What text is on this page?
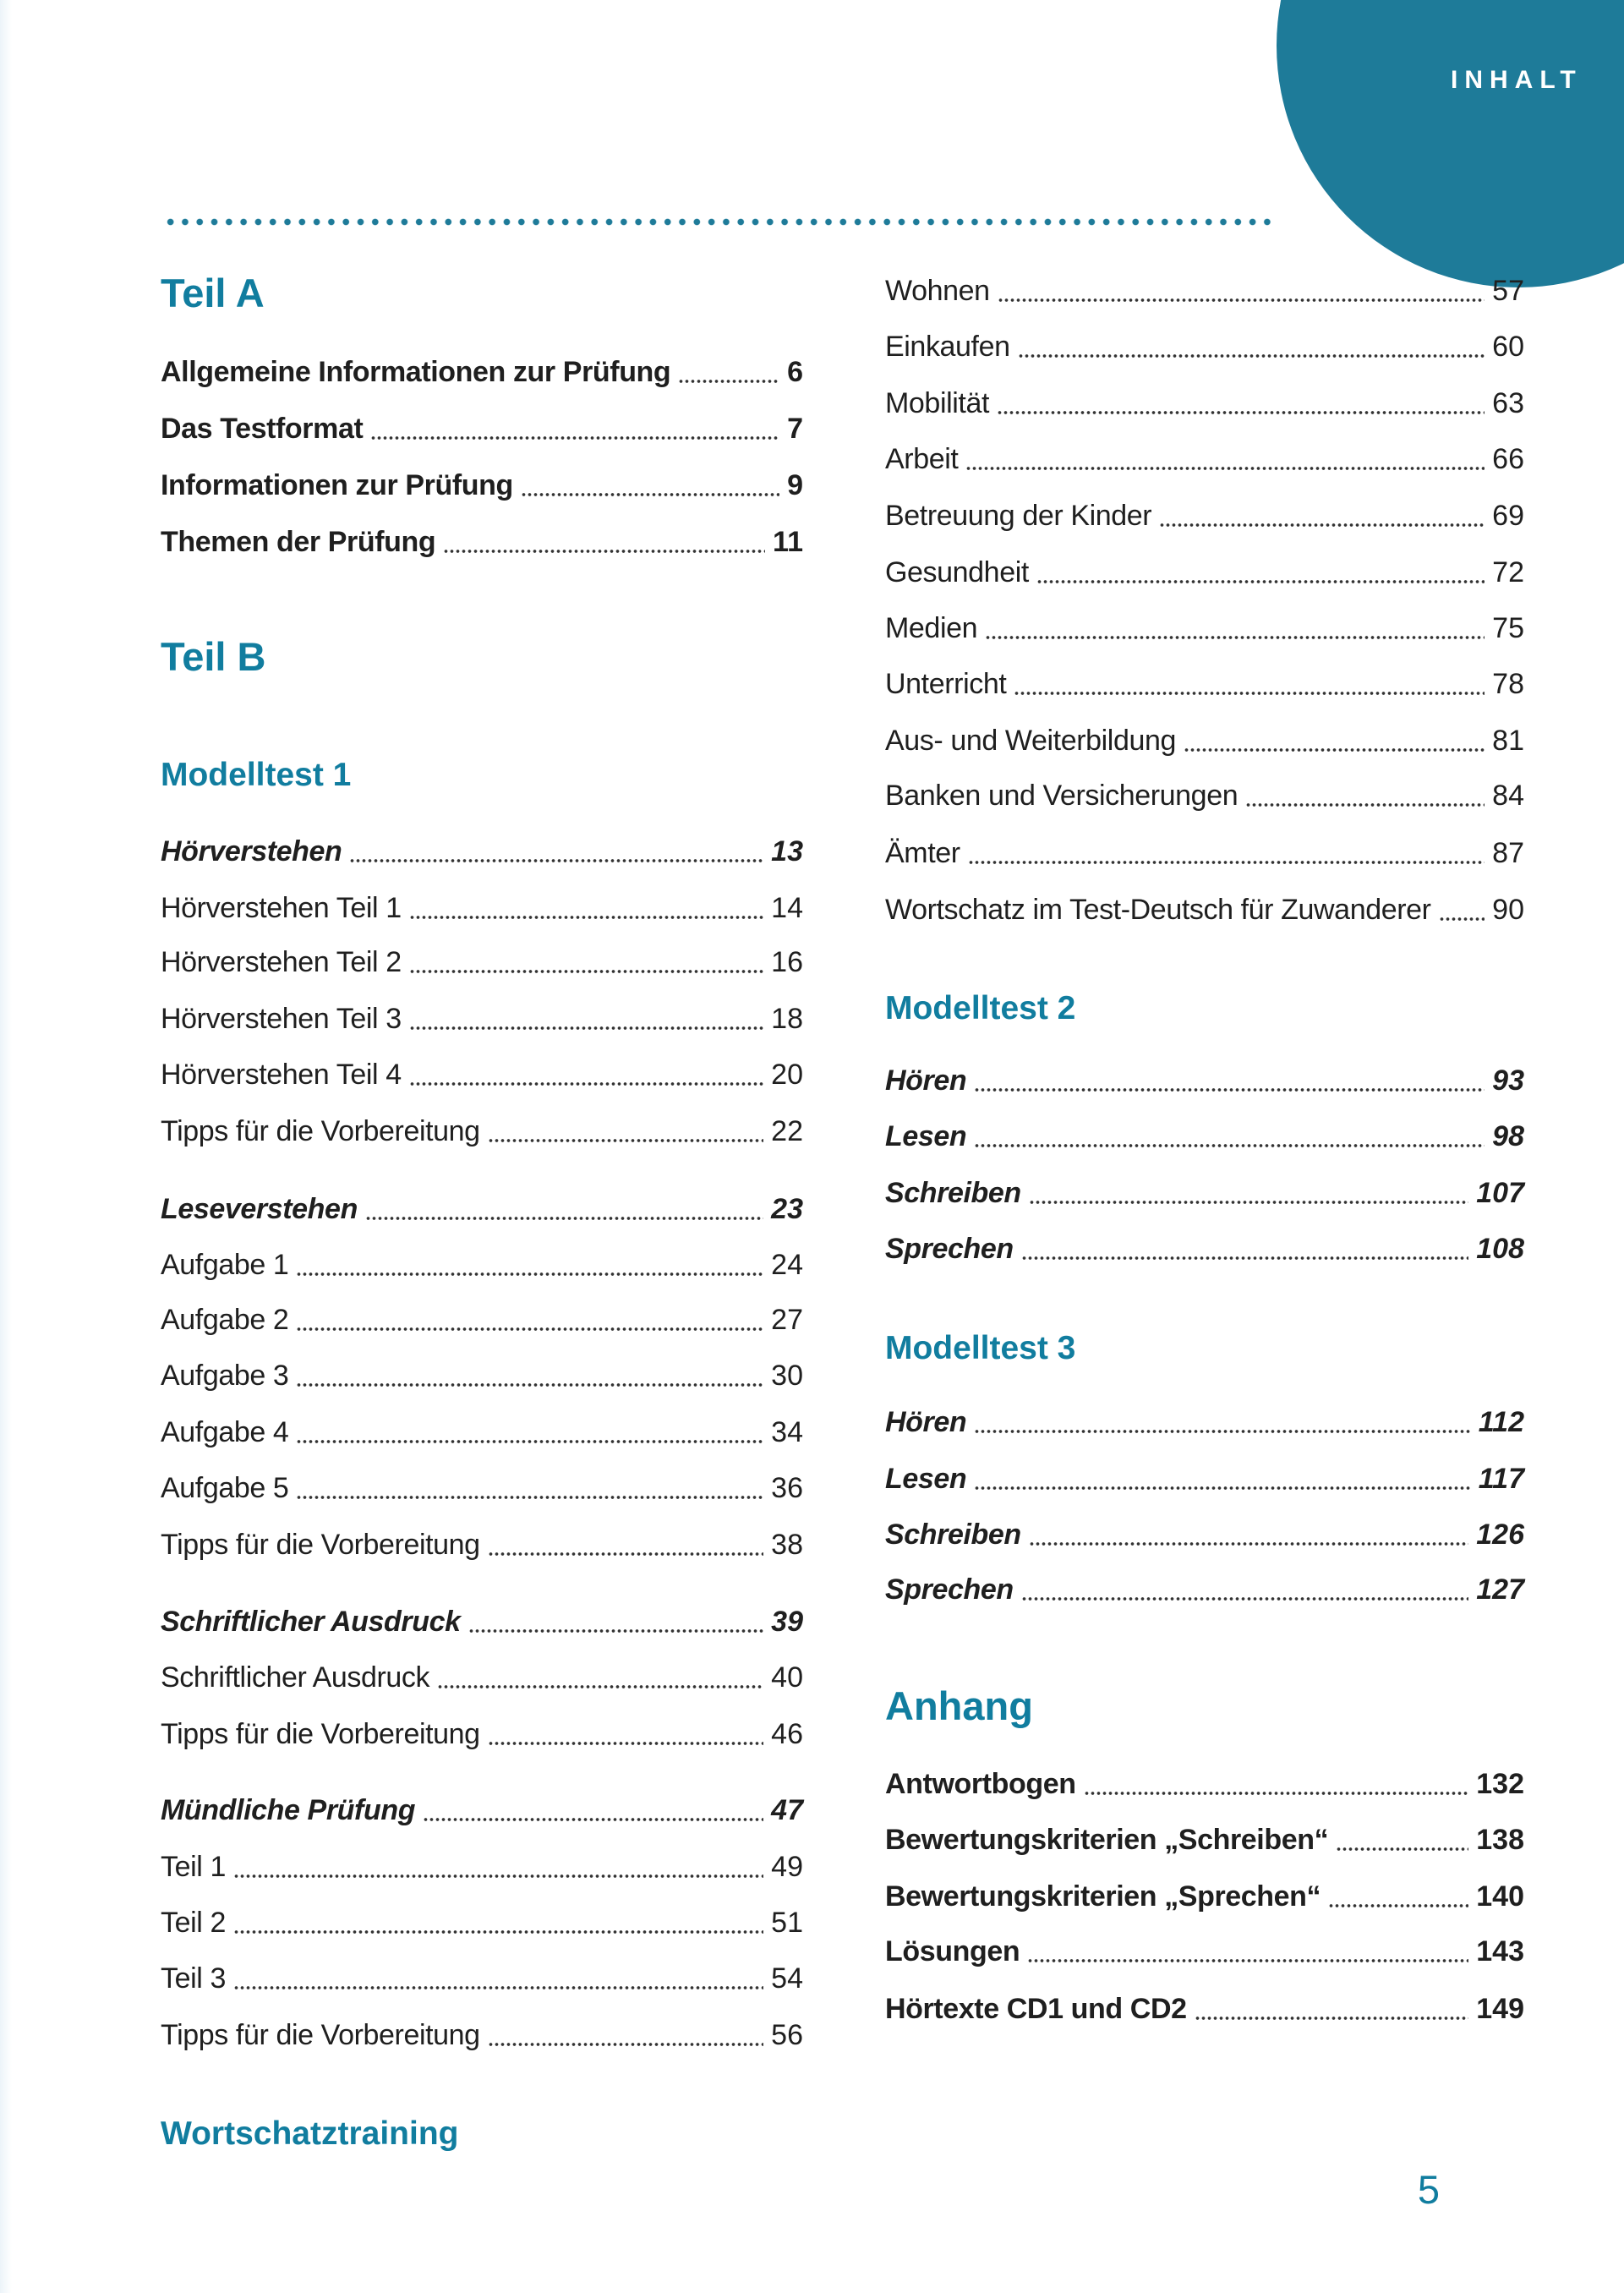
INHALT
Teil A
Allgemeine Informationen zur Prüfung	6
Das Testformat	7
Informationen zur Prüfung	9
Themen der Prüfung	11
Teil B
Modelltest 1
Hörverstehen	13
Hörverstehen Teil 1	14
Hörverstehen Teil 2	16
Hörverstehen Teil 3	18
Hörverstehen Teil 4	20
Tipps für die Vorbereitung	22
Leseverstehen	23
Aufgabe 1	24
Aufgabe 2	27
Aufgabe 3	30
Aufgabe 4	34
Aufgabe 5	36
Tipps für die Vorbereitung	38
Schriftlicher Ausdruck	39
Schriftlicher Ausdruck	40
Tipps für die Vorbereitung	46
Mündliche Prüfung	47
Teil 1	49
Teil 2	51
Teil 3	54
Tipps für die Vorbereitung	56
Wortschatztraining
Wohnen	57
Einkaufen	60
Mobilität	63
Arbeit	66
Betreuung der Kinder	69
Gesundheit	72
Medien	75
Unterricht	78
Aus- und Weiterbildung	81
Banken und Versicherungen	84
Ämter	87
Wortschatz im Test-Deutsch für Zuwanderer 90
Modelltest 2
Hören	93
Lesen	98
Schreiben	107
Sprechen	108
Modelltest 3
Hören	112
Lesen	117
Schreiben	126
Sprechen	127
Anhang
Antwortbogen	132
Bewertungskriterien „Schreiben“	138
Bewertungskriterien „Sprechen“	140
Lösungen	143
Hörtexte CD1 und CD2	149
5
